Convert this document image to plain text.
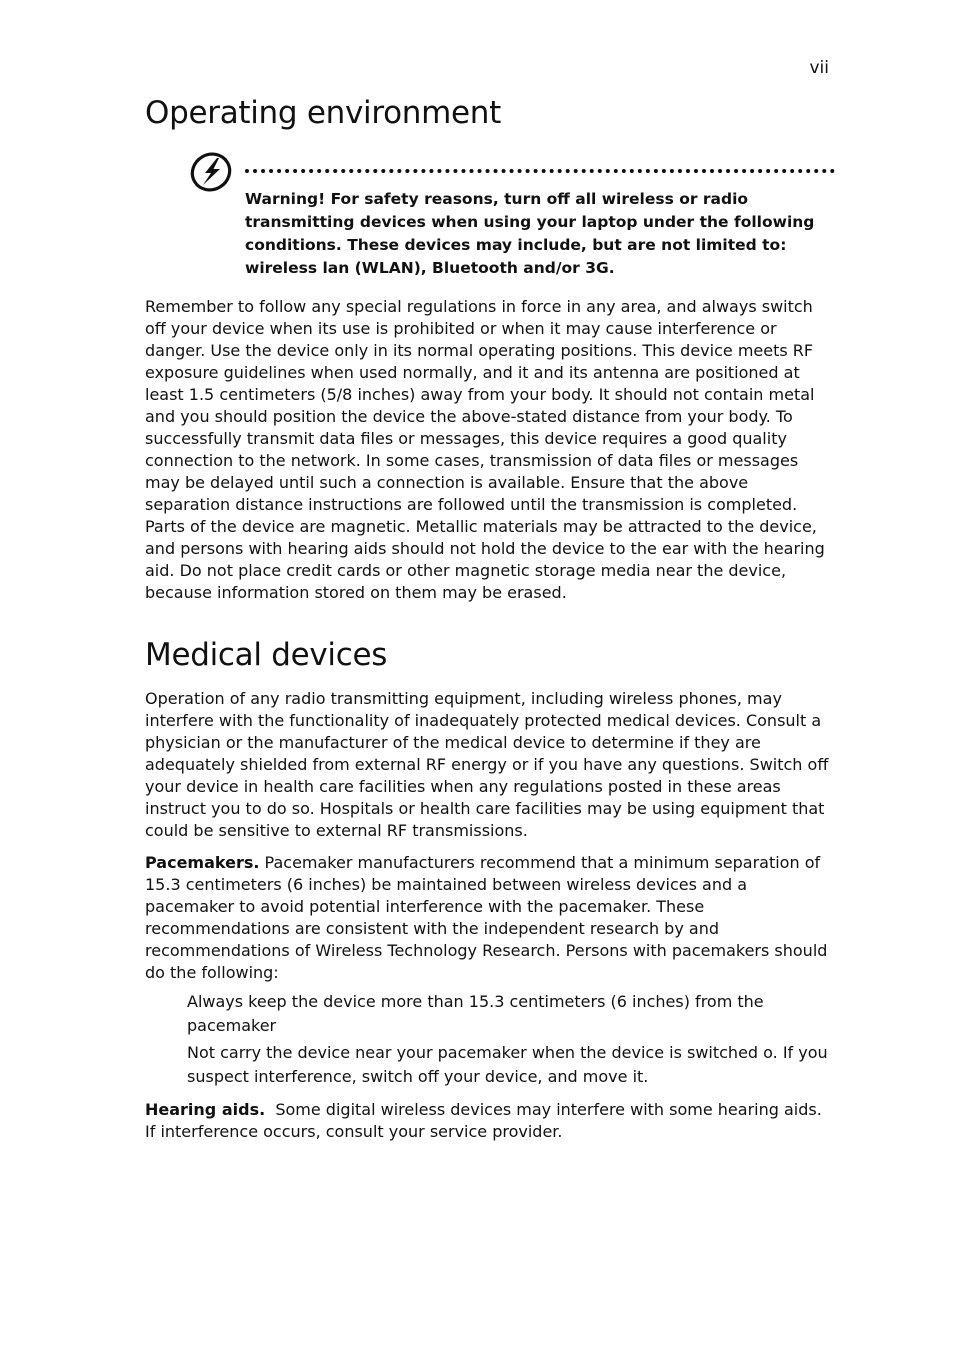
vii
Operating environment
Warning! For safety reasons, turn off all wireless or radio transmitting devices when using your laptop under the following conditions. These devices may include, but are not limited to: wireless lan (WLAN), Bluetooth and/or 3G.

Remember to follow any special regulations in force in any area, and always switch off your device when its use is prohibited or when it may cause interference or danger. Use the device only in its normal operating positions. This device meets RF exposure guidelines when used normally, and it and its antenna are positioned at least 1.5 centimeters (5/8 inches) away from your body. It should not contain metal and you should position the device the above-stated distance from your body. To successfully transmit data files or messages, this device requires a good quality connection to the network. In some cases, transmission of data files or messages may be delayed until such a connection is available. Ensure that the above separation distance instructions are followed until the transmission is completed. Parts of the device are magnetic. Metallic materials may be attracted to the device, and persons with hearing aids should not hold the device to the ear with the hearing aid. Do not place credit cards or other magnetic storage media near the device, because information stored on them may be erased.

Medical devices

Operation of any radio transmitting equipment, including wireless phones, may interfere with the functionality of inadequately protected medical devices. Consult a physician or the manufacturer of the medical device to determine if they are adequately shielded from external RF energy or if you have any questions. Switch off your device in health care facilities when any regulations posted in these areas instruct you to do so. Hospitals or health care facilities may be using equipment that could be sensitive to external RF transmissions.

Pacemakers. Pacemaker manufacturers recommend that a minimum separation of 15.3 centimeters (6 inches) be maintained between wireless devices and a pacemaker to avoid potential interference with the pacemaker. These recommendations are consistent with the independent research by and recommendations of Wireless Technology Research. Persons with pacemakers should do the following:

Always keep the device more than 15.3 centimeters (6 inches) from the pacemaker
Not carry the device near your pacemaker when the device is switched o. If you suspect interference, switch off your device, and move it.

Hearing aids.  Some digital wireless devices may interfere with some hearing aids. If interference occurs, consult your service provider.
